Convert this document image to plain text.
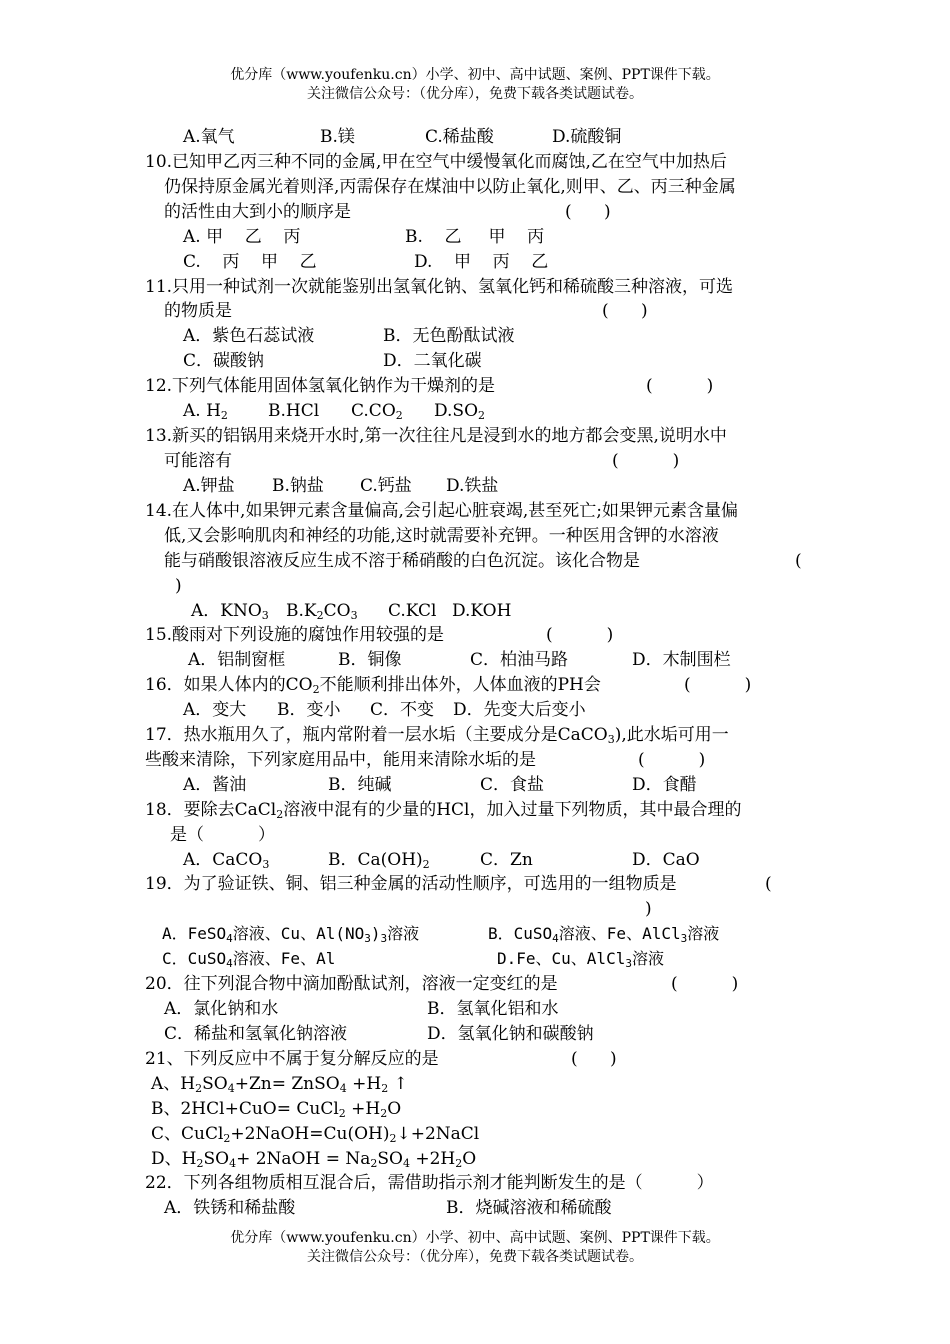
优分库（www.youfenku.cn）小学、初中、高中试题、案例、PPT课件下载。
关注微信公众号：（优分库），免费下载各类试题试卷。
A.氧气	B.镁	C.稀盐酸	D.硫酸铜
10.已知甲乙丙三种不同的金属,甲在空气中缓慢氧化而腐蚀,乙在空气中加热后
仍保持原金属光着则泽,丙需保存在煤油中以防止氧化,则甲、乙、丙三种金属
的活性由大到小的顺序是	(      )
A. 甲    乙    丙	B.    乙     甲    丙
C.    丙    甲    乙	D.    甲    丙    乙
11.只用一种试剂一次就能鉴别出氢氧化钠、氢氧化钙和稀硫酸三种溶液，可选
的物质是	(      )
A．紫色石蕊试液	B．无色酚酞试液
C．碳酸钠	D．二氧化碳
12.下列气体能用固体氢氧化钠作为干燥剂的是	(          )
A. $H_2$ B.HCl $C.CO_2$ $D.SO_2$
13.新买的铝锅用来烧开水时,第一次往往凡是浸到水的地方都会变黑,说明水中
可能溶有	(          )
A.钾盐 B.钠盐 C.钙盐 D.铁盐
14.在人体中,如果钾元素含量偏高,会引起心脏衰竭,甚至死亡;如果钾元素含量偏
低,又会影响肌肉和神经的功能,这时就需要补充钾。一种医用含钾的水溶液
能与硝酸银溶液反应生成不溶于稀硝酸的白色沉淀。该化合物是	(
)
A．$KNO_3$ $B.K_2CO_3$ C.KCl D.KOH
15.酸雨对下列设施的腐蚀作用较强的是	(          )
A．铝制窗框	B．铜像	C．柏油马路	D．木制围栏
16．如果人体内的$CO_2$不能顺利排出体外，人体血液的PH会	(          )
A．变大 B．变小 C．不变 D．先变大后变小
17．热水瓶用久了，瓶内常附着一层水垢（主要成分是CaCO$_3$),此水垢可用一
些酸来清除，下列家庭用品中，能用来清除水垢的是	(          )
A．酱油	B．纯碱	C．食盐	D．食醋
18．要除去CaCl$_2$溶液中混有的少量的HCl，加入过量下列物质，其中最合理的
是（          ）
A．CaCO$_3$	B．$Ca(OH)_2$	C．Zn	D．CaO
19．为了验证铁、铜、铝三种金属的活动性顺序，可选用的一组物质是	(
)
A．FeSO$_4$溶液、Cu、$Al(NO_3)_3$溶液	B．CuSO$_4$溶液、Fe、AlCl$_3$溶液
C．CuSO$_4$溶液、Fe、Al	D.Fe、Cu、AlCl$_3$溶液
20．往下列混合物中滴加酚酞试剂，溶液一定变红的是	(          )
A．氯化钠和水	B．氢氧化铝和水
C．稀盐和氢氧化钠溶液	D．氢氧化钠和碳酸钠
21、下列反应中不属于复分解反应的是	(      )
A、$H_2SO_4+Zn=$ ZnSO$_4$ $+H_2$ ↑
B、2HCl+CuO= CuCl$_2$ $+H_2O$
C、$CuCl_2+2NaOH=Cu(OH)_2↓+2NaCl$
D、$H_2SO_4+$ 2NaOH = $Na_2SO_4 +2H_2O$
22．下列各组物质相互混合后，需借助指示剂才能判断发生的是（          ）
A．铁锈和稀盐酸	B．烧碱溶液和稀硫酸
优分库（www.youfenku.cn）小学、初中、高中试题、案例、PPT课件下载。
关注微信公众号：（优分库），免费下载各类试题试卷。
